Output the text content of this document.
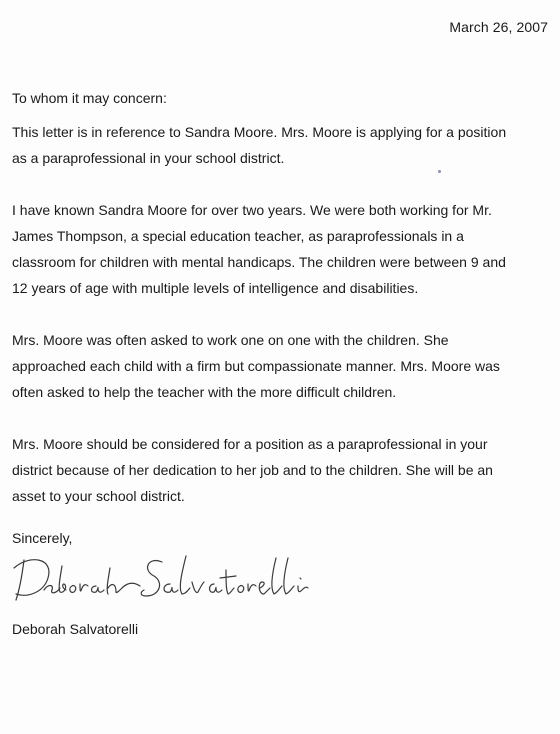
March 26, 2007
To whom it may concern:

This letter is in reference to Sandra Moore. Mrs. Moore is applying for a position
as a paraprofessional in your school district.

I have known Sandra Moore for over two years. We were both working for Mr.
James Thompson, a special education teacher, as paraprofessionals in a
classroom for children with mental handicaps. The children were between 9 and
12 years of age with multiple levels of intelligence and disabilities.

Mrs. Moore was often asked to work one on one with the children. She
approached each child with a firm but compassionate manner. Mrs. Moore was
often asked to help the teacher with the more difficult children.

Mrs. Moore should be considered for a position as a paraprofessional in your
district because of her dedication to her job and to the children. She will be an
asset to your school district.

Sincerely,
Deborah Salvatorelli
